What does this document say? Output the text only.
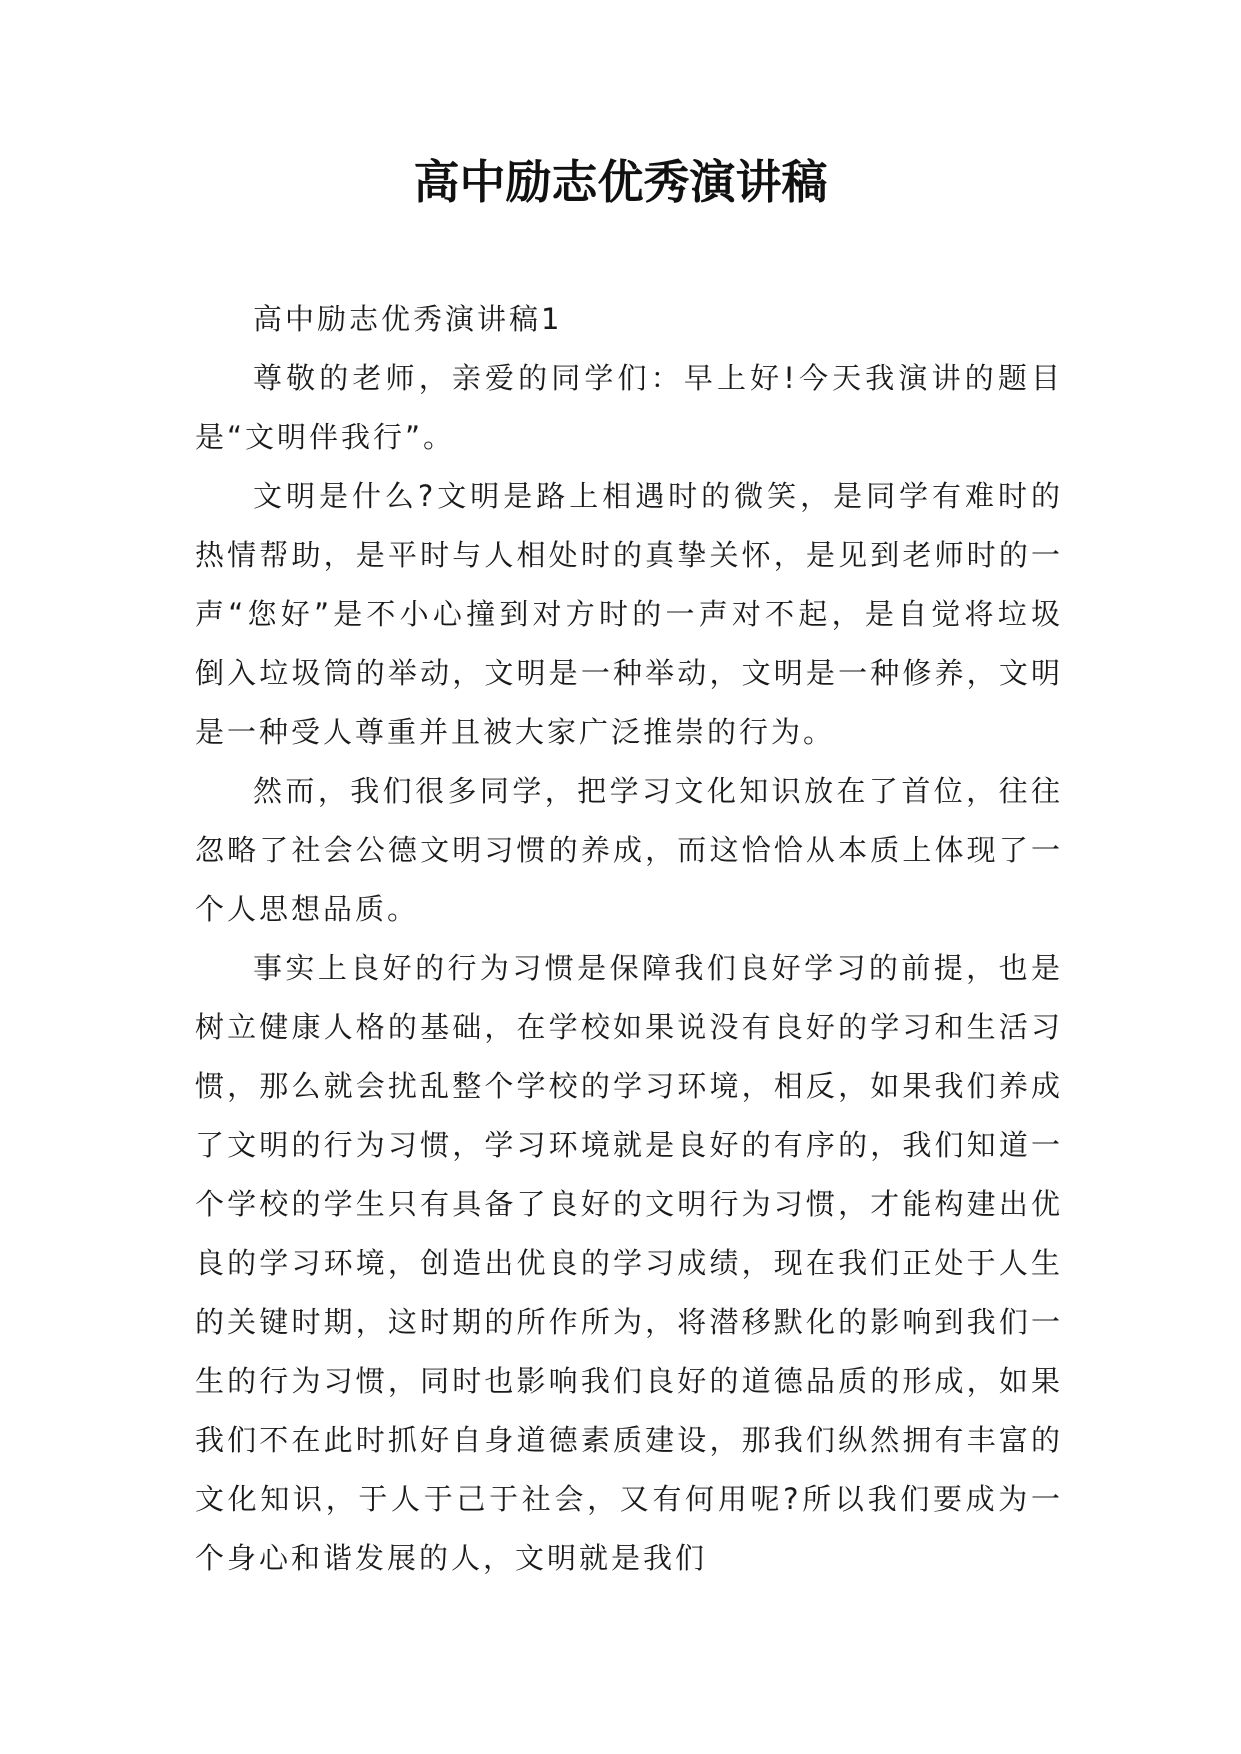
高中励志优秀演讲稿

高中励志优秀演讲稿1

尊敬的老师，亲爱的同学们：早上好!今天我演讲的题目是“文明伴我行”。

文明是什么?文明是路上相遇时的微笑，是同学有难时的热情帮助，是平时与人相处时的真挚关怀，是见到老师时的一声“您好”是不小心撞到对方时的一声对不起，是自觉将垃圾倒入垃圾筒的举动，文明是一种举动，文明是一种修养，文明是一种受人尊重并且被大家广泛推崇的行为。

然而，我们很多同学，把学习文化知识放在了首位，往往忽略了社会公德文明习惯的养成，而这恰恰从本质上体现了一个人思想品质。

事实上良好的行为习惯是保障我们良好学习的前提，也是树立健康人格的基础，在学校如果说没有良好的学习和生活习惯，那么就会扰乱整个学校的学习环境，相反，如果我们养成了文明的行为习惯，学习环境就是良好的有序的，我们知道一个学校的学生只有具备了良好的文明行为习惯，才能构建出优良的学习环境，创造出优良的学习成绩，现在我们正处于人生的关键时期，这时期的所作所为，将潜移默化的影响到我们一生的行为习惯，同时也影响我们良好的道德品质的形成，如果我们不在此时抓好自身道德素质建设，那我们纵然拥有丰富的文化知识，于人于己于社会，又有何用呢?所以我们要成为一个身心和谐发展的人，文明就是我们
